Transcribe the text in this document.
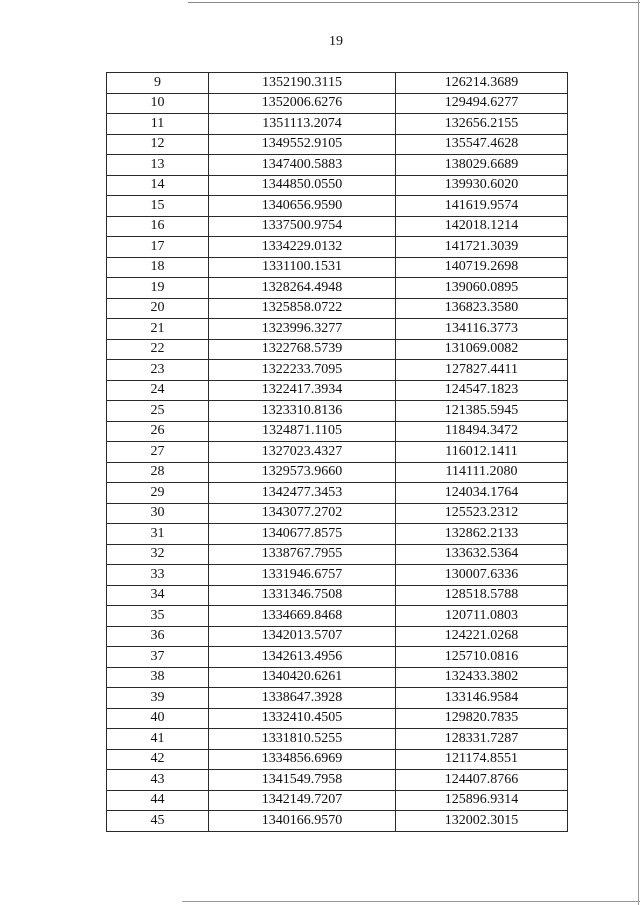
19
9	1352190.3115	126214.3689
10	1352006.6276	129494.6277
11	1351113.2074	132656.2155
12	1349552.9105	135547.4628
13	1347400.5883	138029.6689
14	1344850.0550	139930.6020
15	1340656.9590	141619.9574
16	1337500.9754	142018.1214
17	1334229.0132	141721.3039
18	1331100.1531	140719.2698
19	1328264.4948	139060.0895
20	1325858.0722	136823.3580
21	1323996.3277	134116.3773
22	1322768.5739	131069.0082
23	1322233.7095	127827.4411
24	1322417.3934	124547.1823
25	1323310.8136	121385.5945
26	1324871.1105	118494.3472
27	1327023.4327	116012.1411
28	1329573.9660	114111.2080
29	1342477.3453	124034.1764
30	1343077.2702	125523.2312
31	1340677.8575	132862.2133
32	1338767.7955	133632.5364
33	1331946.6757	130007.6336
34	1331346.7508	128518.5788
35	1334669.8468	120711.0803
36	1342013.5707	124221.0268
37	1342613.4956	125710.0816
38	1340420.6261	132433.3802
39	1338647.3928	133146.9584
40	1332410.4505	129820.7835
41	1331810.5255	128331.7287
42	1334856.6969	121174.8551
43	1341549.7958	124407.8766
44	1342149.7207	125896.9314
45	1340166.9570	132002.3015
